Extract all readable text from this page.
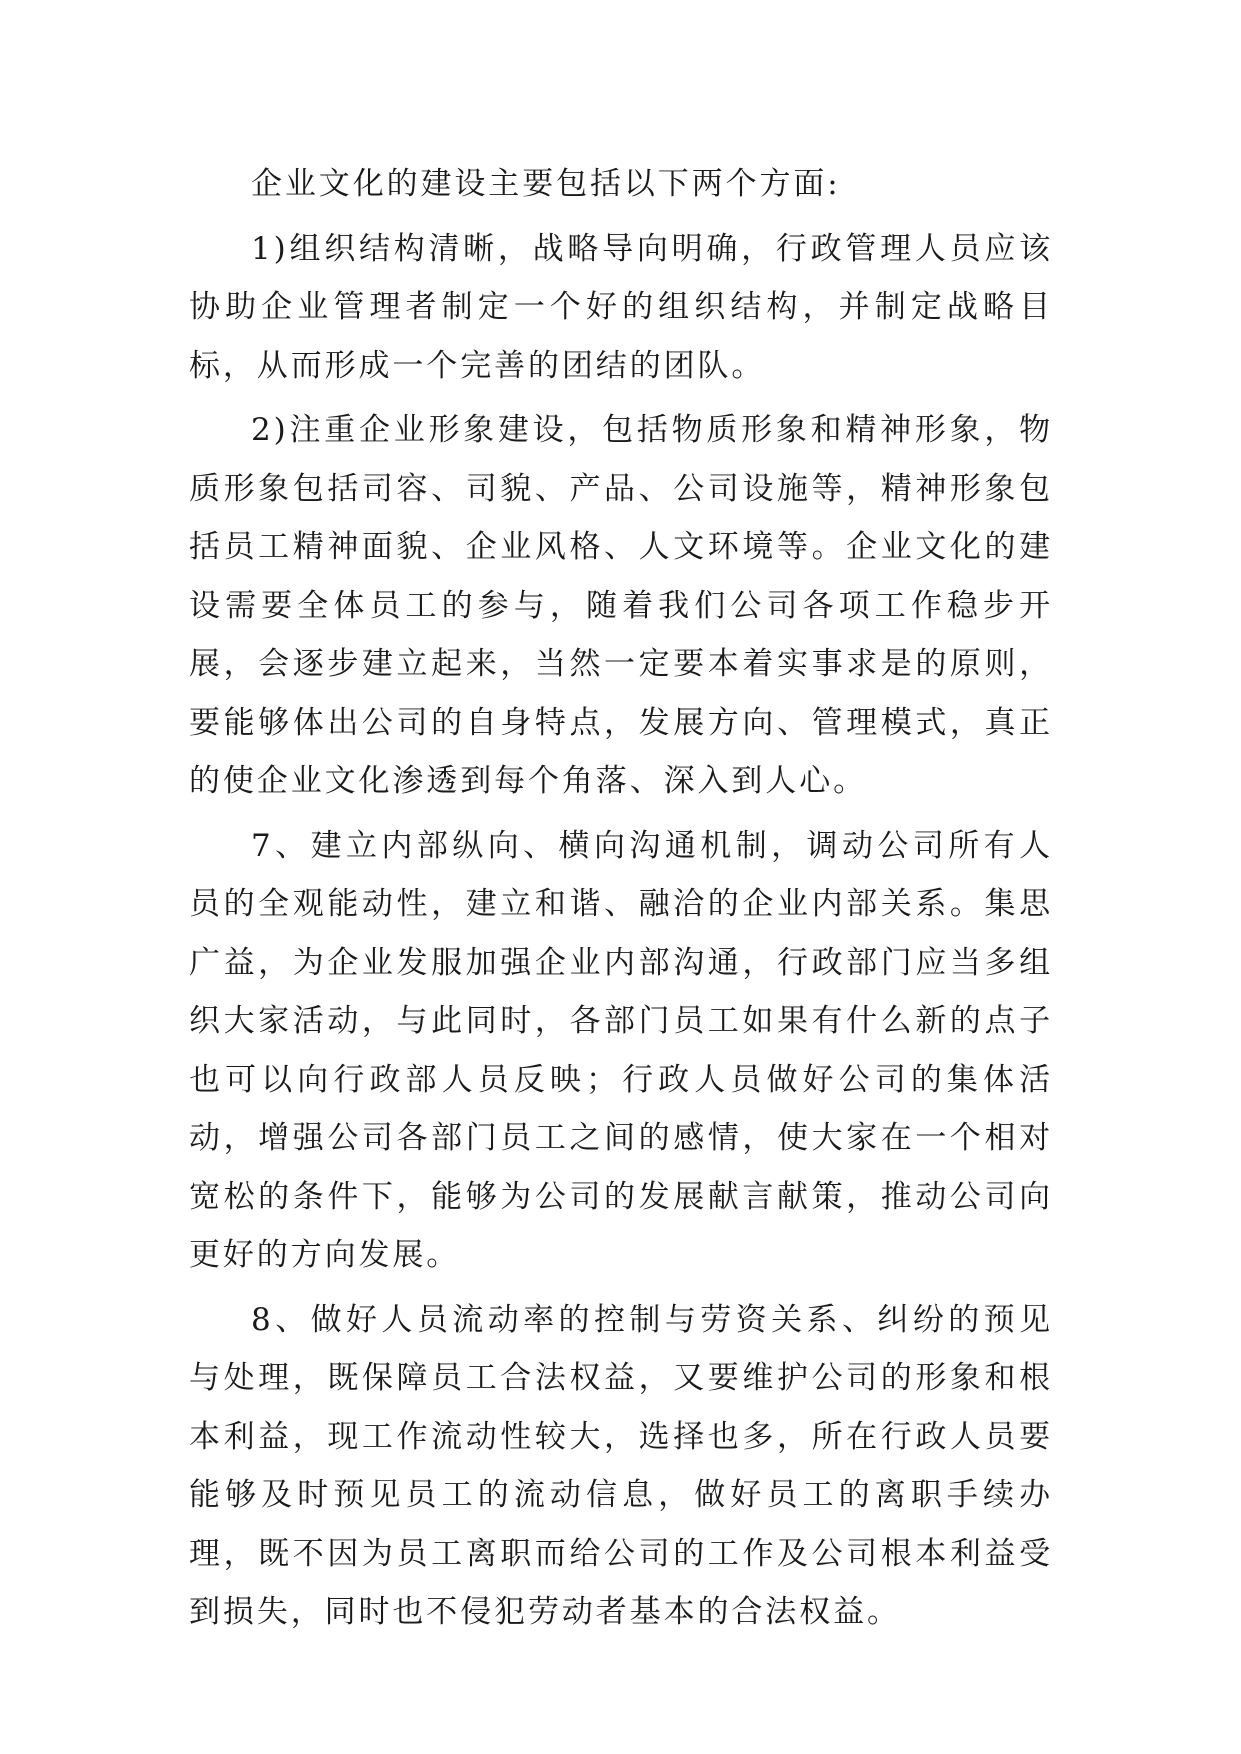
企业文化的建设主要包括以下两个方面:

1)组织结构清晰，战略导向明确，行政管理人员应该协助企业管理者制定一个好的组织结构，并制定战略目标，从而形成一个完善的团结的团队。

2)注重企业形象建设，包括物质形象和精神形象，物质形象包括司容、司貌、产品、公司设施等，精神形象包括员工精神面貌、企业风格、人文环境等。企业文化的建设需要全体员工的参与，随着我们公司各项工作稳步开展，会逐步建立起来，当然一定要本着实事求是的原则，要能够体出公司的自身特点，发展方向、管理模式，真正的使企业文化渗透到每个角落、深入到人心。

7、建立内部纵向、横向沟通机制，调动公司所有人员的全观能动性，建立和谐、融洽的企业内部关系。集思广益，为企业发服加强企业内部沟通，行政部门应当多组织大家活动，与此同时，各部门员工如果有什么新的点子也可以向行政部人员反映；行政人员做好公司的集体活动，增强公司各部门员工之间的感情，使大家在一个相对宽松的条件下，能够为公司的发展献言献策，推动公司向更好的方向发展。

8、做好人员流动率的控制与劳资关系、纠纷的预见与处理，既保障员工合法权益，又要维护公司的形象和根本利益，现工作流动性较大，选择也多，所在行政人员要能够及时预见员工的流动信息，做好员工的离职手续办理，既不因为员工离职而给公司的工作及公司根本利益受到损失，同时也不侵犯劳动者基本的合法权益。
